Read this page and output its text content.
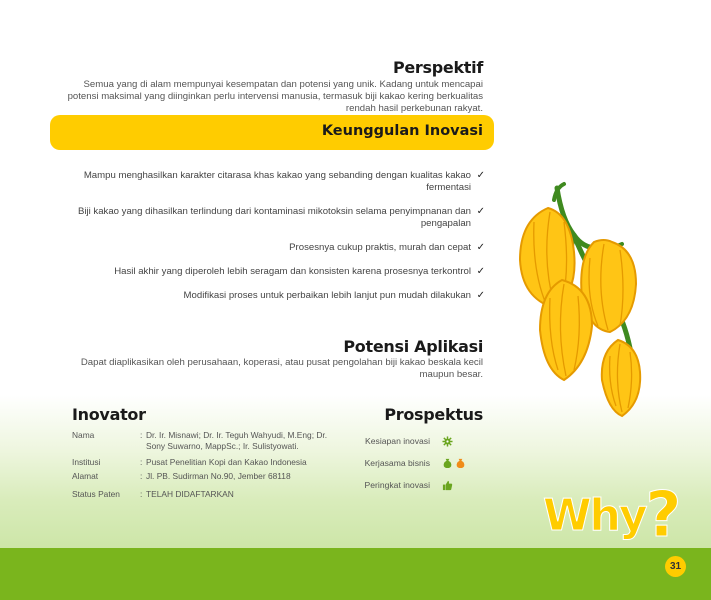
Perspektif

Semua yang di alam mempunyai kesempatan dan potensi yang unik. Kadang untuk mencapai potensi maksimal yang diinginkan perlu intervensi manusia, termasuk biji kakao kering berkualitas rendah hasil perkebunan rakyat.

Keunggulan Inovasi
Mampu menghasilkan karakter citarasa khas kakao yang sebanding dengan kualitas kakao fermentasi
✓
Biji kakao yang dihasilkan terlindung dari kontaminasi mikotoksin selama penyimpnanan dan pengapalan
✓
Prosesnya cukup praktis, murah dan cepat ✓
Hasil akhir yang diperoleh lebih seragam dan konsisten karena prosesnya terkontrol ✓
Modifikasi proses untuk perbaikan lebih lanjut pun mudah dilakukan ✓
Potensi Aplikasi

Dapat diaplikasikan oleh perusahaan, koperasi, atau pusat pengolahan biji kakao beskala kecil maupun besar.

Inovator
Nama	: Dr. Ir. Misnawi; Dr. Ir. Teguh Wahyudi, M.Eng; Dr. Sony Suwarno, MappSc.; Ir. Sulistyowati.
Institusi	: Pusat Penelitian Kopi dan Kakao Indonesia
Alamat	: Jl. PB. Sudirman No.90, Jember 68118
Status Paten	: TELAH DIDAFTARKAN
Prospektus
Kesiapan inovasi
Kerjasama bisnis
Peringkat inovasi
Why?
31
